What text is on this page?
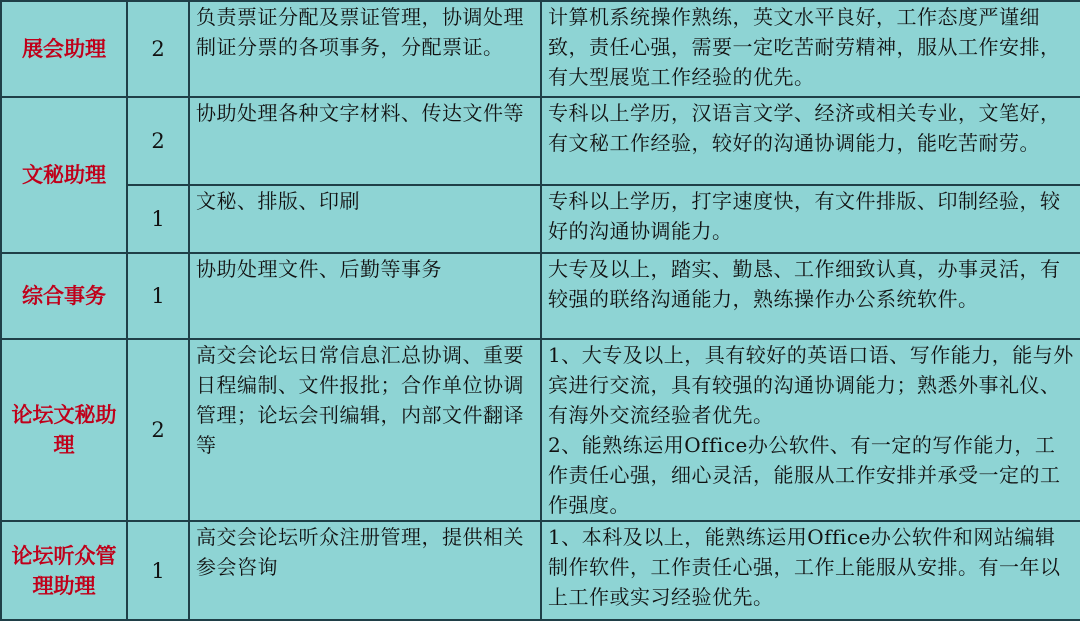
展会助理	2	负责票证分配及票证管理，协调处理制证分票的各项事务，分配票证。	计算机系统操作熟练，英文水平良好，工作态度严谨细致，责任心强，需要一定吃苦耐劳精神，服从工作安排，有大型展览工作经验的优先。

文秘助理	2	协助处理各种文字材料、传达文件等	专科以上学历，汉语言文学、经济或相关专业，文笔好，有文秘工作经验，较好的沟通协调能力，能吃苦耐劳。

	1	文秘、排版、印刷	专科以上学历，打字速度快，有文件排版、印制经验，较好的沟通协调能力。

综合事务	1	协助处理文件、后勤等事务	大专及以上，踏实、勤恳、工作细致认真，办事灵活，有较强的联络沟通能力，熟练操作办公系统软件。

论坛文秘助理	2	高交会论坛日常信息汇总协调、重要日程编制、文件报批；合作单位协调管理；论坛会刊编辑，内部文件翻译等	1、大专及以上，具有较好的英语口语、写作能力，能与外宾进行交流，具有较强的沟通协调能力；熟悉外事礼仪、有海外交流经验者优先。
2、能熟练运用Office办公软件、有一定的写作能力，工作责任心强，细心灵活，能服从工作安排并承受一定的工作强度。

论坛听众管理助理	1	高交会论坛听众注册管理，提供相关参会咨询	1、本科及以上，能熟练运用Office办公软件和网站编辑制作软件，工作责任心强，工作上能服从安排。有一年以上工作或实习经验优先。
